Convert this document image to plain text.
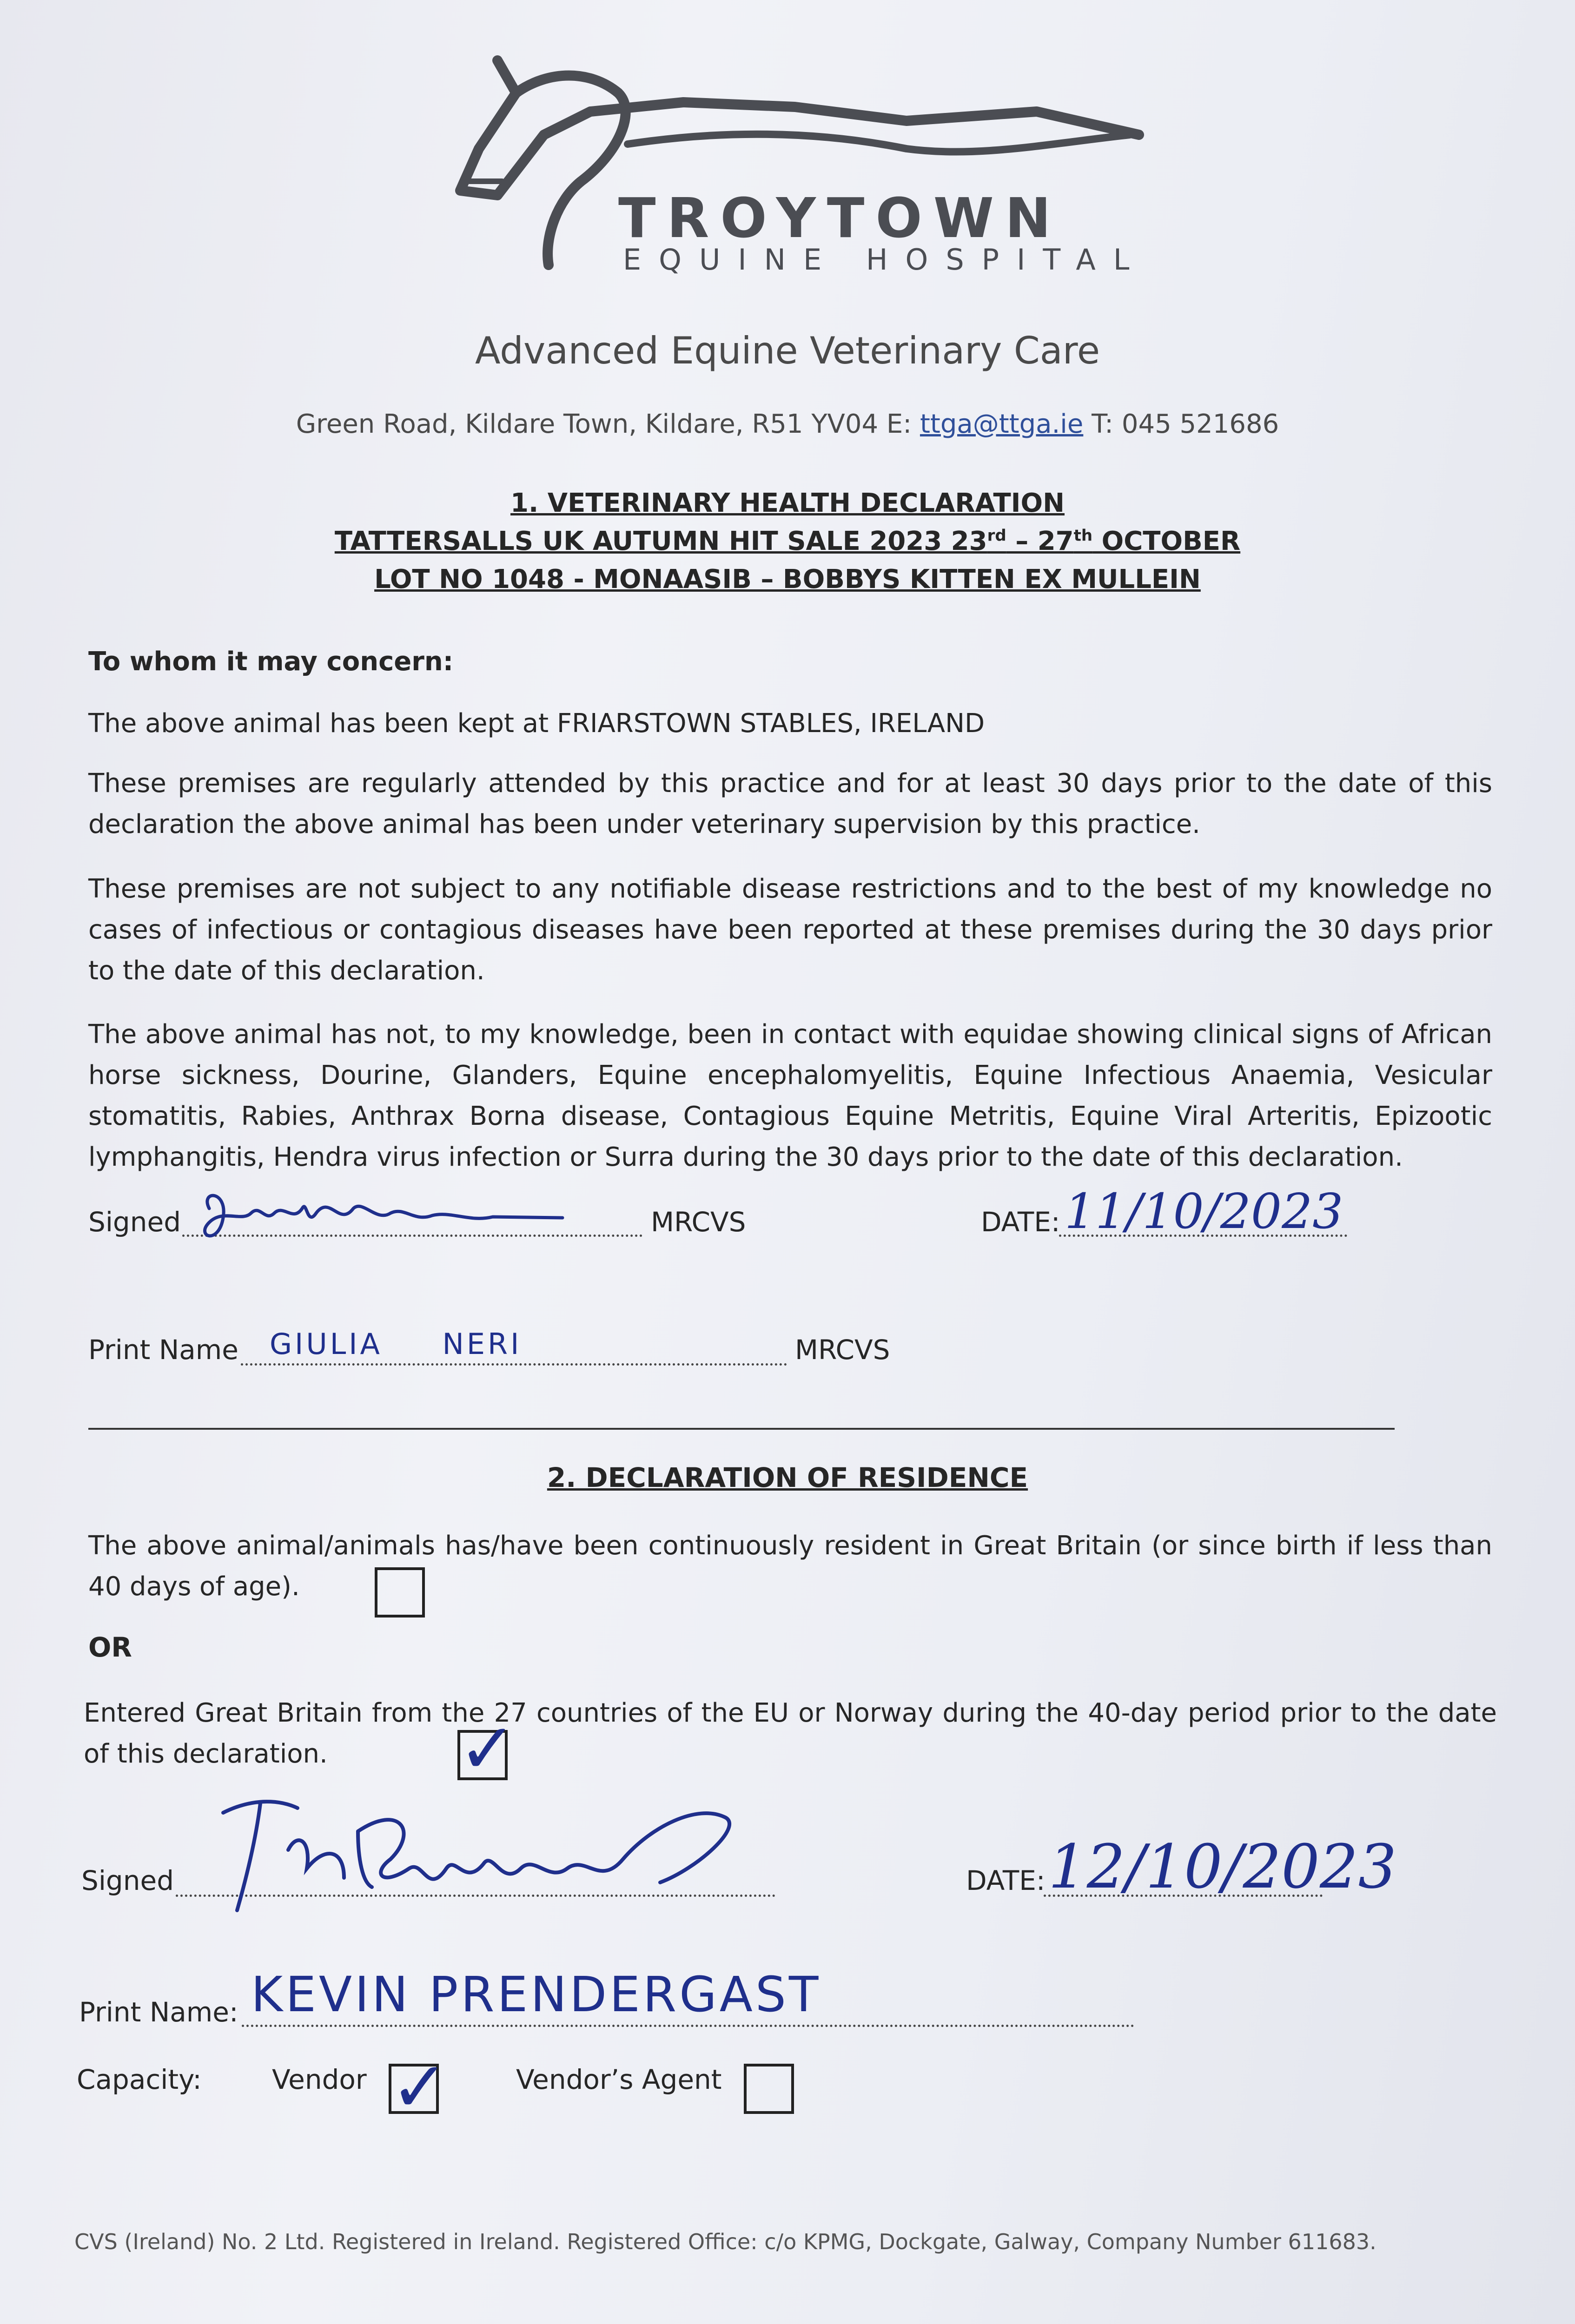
TROYTOWN
EQUINE HOSPITAL
Advanced Equine Veterinary Care
Green Road, Kildare Town, Kildare, R51 YV04 E: ttga@ttga.ie T: 045 521686
1. VETERINARY HEALTH DECLARATION
TATTERSALLS UK AUTUMN HIT SALE 2023 23rd – 27th OCTOBER
LOT NO 1048 - MONAASIB – BOBBYS KITTEN EX MULLEIN
To whom it may concern:
The above animal has been kept at FRIARSTOWN STABLES, IRELAND
These premises are regularly attended by this practice and for at least 30 days prior to the date of this declaration the above animal has been under veterinary supervision by this practice.
These premises are not subject to any notifiable disease restrictions and to the best of my knowledge no cases of infectious or contagious diseases have been reported at these premises during the 30 days prior to the date of this declaration.
The above animal has not, to my knowledge, been in contact with equidae showing clinical signs of African horse sickness, Dourine, Glanders, Equine encephalomyelitis, Equine Infectious Anaemia, Vesicular stomatitis, Rabies, Anthrax Borna disease, Contagious Equine Metritis, Equine Viral Arteritis, Epizootic lymphangitis, Hendra virus infection or Surra during the 30 days prior to the date of this declaration.
Signed	MRCVS	DATE: 11/10/2023
Print Name GIULIA     NERI	MRCVS
2. DECLARATION OF RESIDENCE
The above animal/animals has/have been continuously resident in Great Britain (or since birth if less than 40 days of age).
OR
Entered Great Britain from the 27 countries of the EU or Norway during the 40-day period prior to the date of this declaration.	✓
Signed	DATE: 12/10/2023
Print Name: KEVIN PRENDERGAST
Capacity:	Vendor ✓ Vendor’s Agent
CVS (Ireland) No. 2 Ltd. Registered in Ireland. Registered Office: c/o KPMG, Dockgate, Galway, Company Number 611683.
